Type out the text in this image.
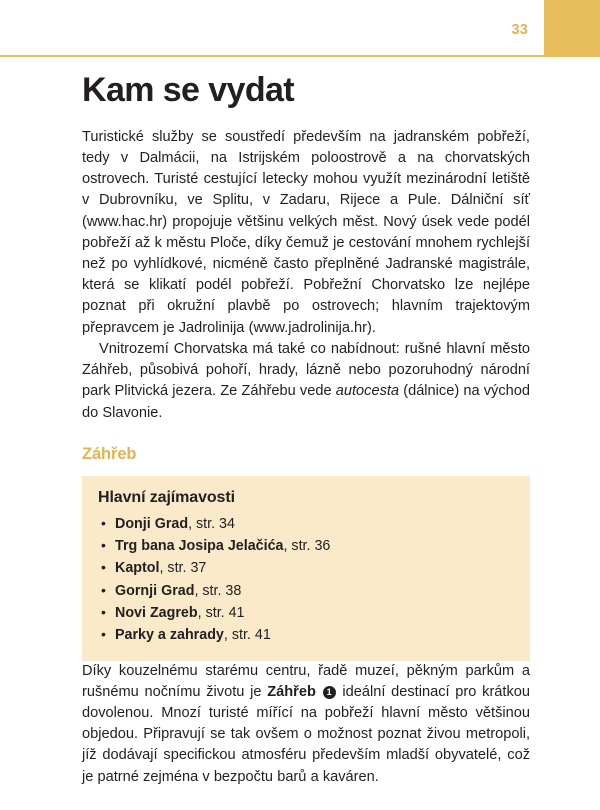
33
Kam se vydat

Turistické služby se soustředí především na jadranském pobřeží, tedy v Dalmácii, na Istrijském poloostrově a na chorvatských ostrovech. Turisté cestující letecky mohou využít mezinárodní letiště v Dubrovníku, ve Splitu, v Zadaru, Rijece a Pule. Dálniční síť (www.hac.hr) propojuje většinu velkých měst. Nový úsek vede podél pobřeží až k městu Ploče, díky čemuž je cestování mnohem rychlejší než po vyhlídkové, nicméně často přeplněné Jadranské magistrále, která se klikatí podél pobřeží. Pobřežní Chorvatsko lze nejlépe poznat při okružní plavbě po ostrovech; hlavním trajektovým přepravcem je Jadrolinija (www.jadrolinija.hr).

Vnitrozemí Chorvatska má také co nabídnout: rušné hlavní město Záhřeb, působivá pohoří, hrady, lázně nebo pozoruhodný národní park Plitvická jezera. Ze Záhřebu vede autocesta (dálnice) na východ do Slavonie.

Záhřeb
Hlavní zajímavosti
• Donji Grad, str. 34
• Trg bana Josipa Jelačića, str. 36
• Kaptol, str. 37
• Gornji Grad, str. 38
• Novi Zagreb, str. 41
• Parky a zahrady, str. 41

Díky kouzelnému starému centru, řadě muzeí, pěkným parkům a rušnému nočnímu životu je Záhřeb 1 ideální destinací pro krátkou dovolenou. Mnozí turisté mířící na pobřeží hlavní město většinou objedou. Připravují se tak ovšem o možnost poznat živou metropoli, jíž dodávají specifickou atmosféru především mladší obyvatelé, což je patrné zejména v bezpočtu barů a kaváren.
